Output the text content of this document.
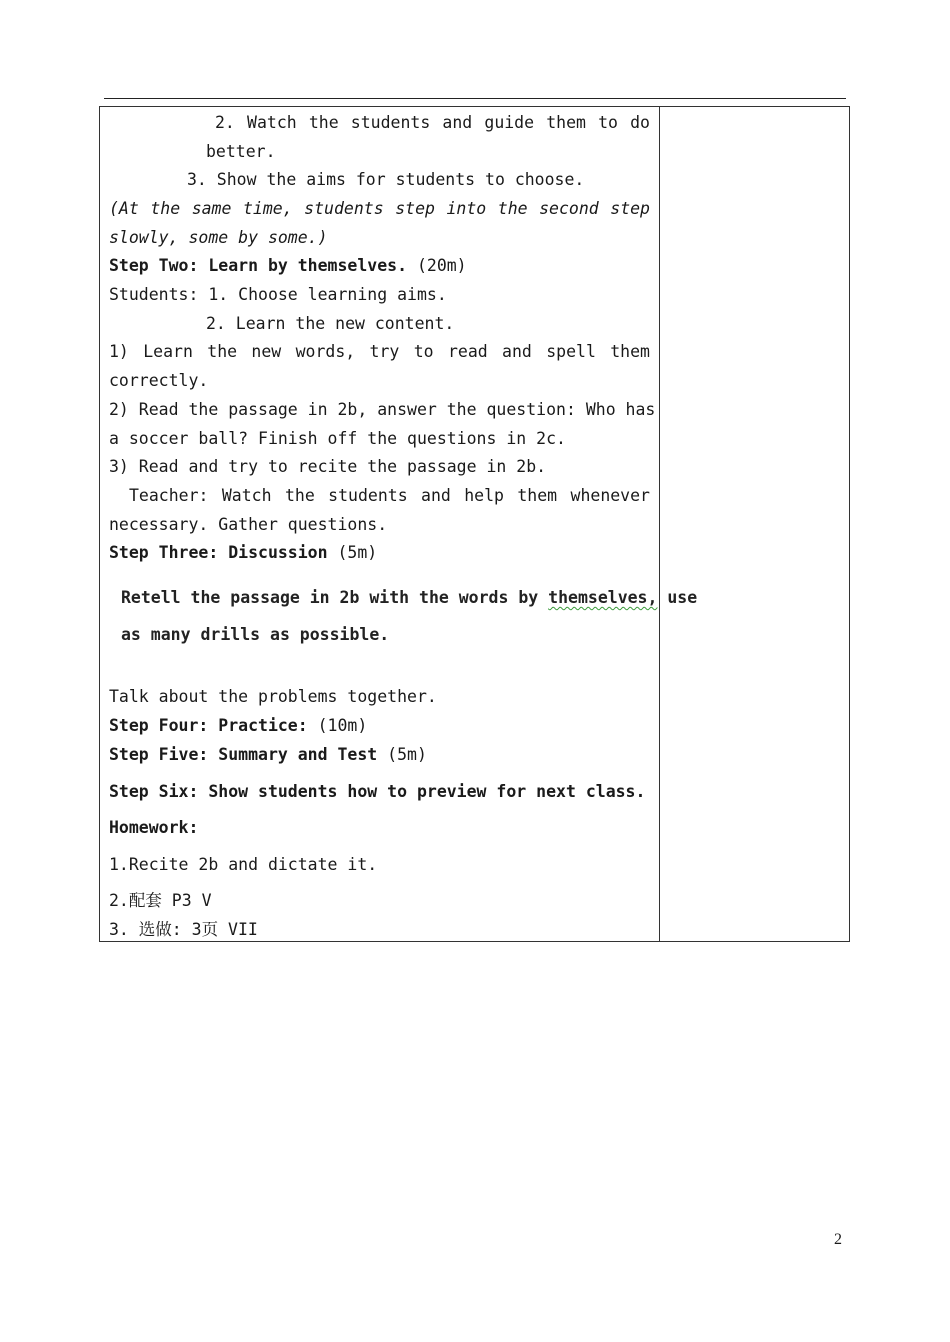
2. Watch the students and guide them to do
better.
3. Show the aims for students to choose.
(At the same time, students step into the second step
slowly, some by some.)
Step Two: Learn by themselves. (20m)
Students: 1. Choose learning aims.
2. Learn the new content.
1) Learn the new words, try to read and spell them
correctly.
2) Read the passage in 2b, answer the question: Who has
a soccer ball? Finish off the questions in 2c.
3) Read and try to recite the passage in 2b.
Teacher: Watch the students and help them whenever
necessary. Gather questions.
Step Three: Discussion (5m)
Retell the passage in 2b with the words by themselves, use
as many drills as possible.
Talk about the problems together.
Step Four: Practice: (10m)
Step Five: Summary and Test (5m)
Step Six: Show students how to preview for next class.
Homework:
1.Recite 2b and dictate it.
2.配套 P3 V
3. 选做: 3页 VII
2
